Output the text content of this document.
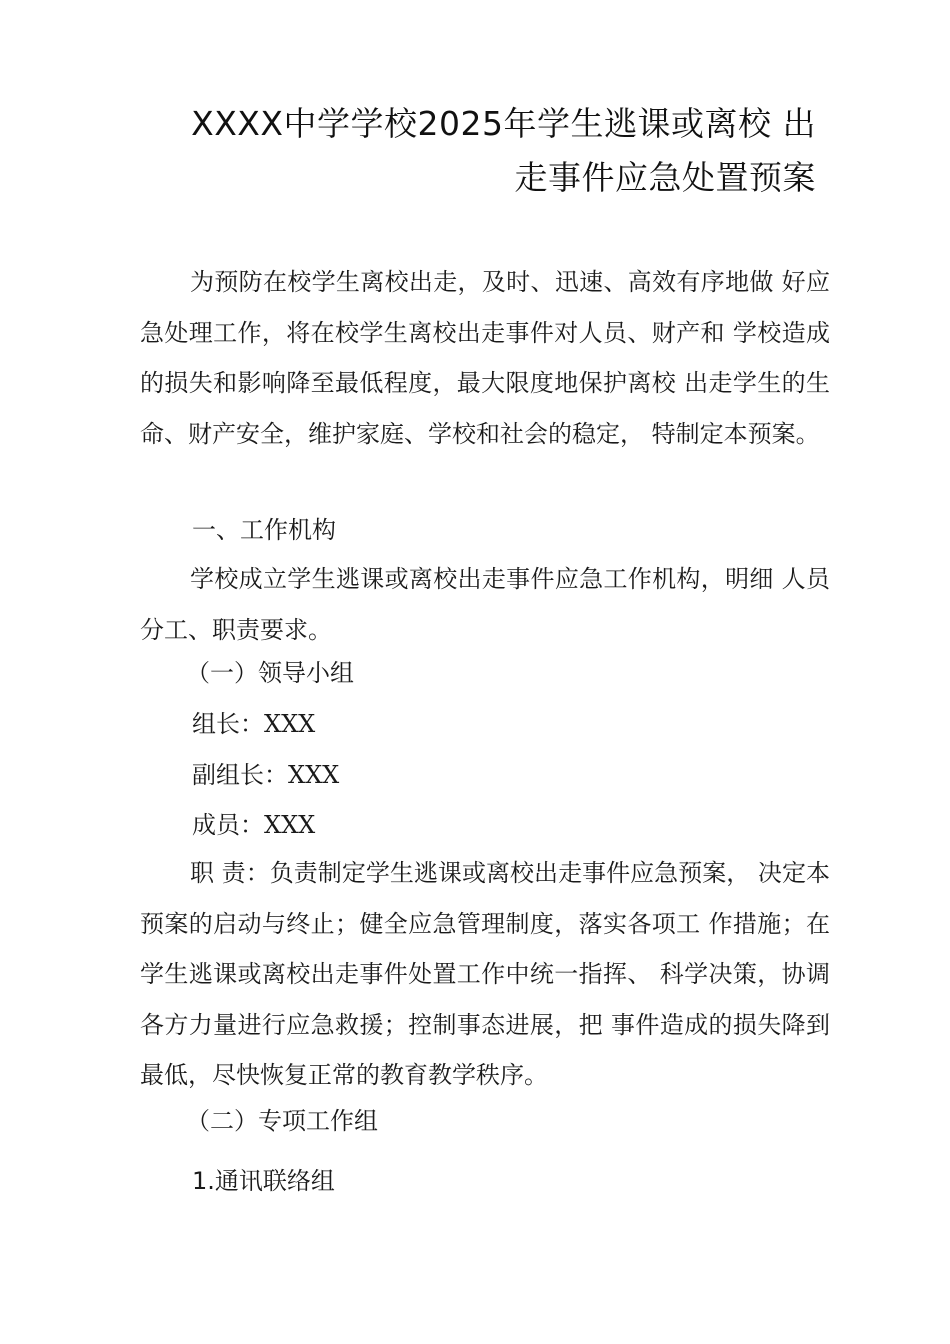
XXXX中学学校2025年学生逃课或离校 出
走事件应急处置预案

为预防在校学生离校出走，及时、迅速、高效有序地做 好应急处理工作，将在校学生离校出走事件对人员、财产和 学校造成的损失和影响降至最低程度，最大限度地保护离校 出走学生的生命、财产安全，维护家庭、学校和社会的稳定， 特制定本预案。

一、工作机构

学校成立学生逃课或离校出走事件应急工作机构，明细 人员分工、职责要求。

（一）领导小组

组长：XXX

副组长：XXX

成员：XXX

职 责：负责制定学生逃课或离校出走事件应急预案， 决定本预案的启动与终止；健全应急管理制度，落实各项工 作措施；在学生逃课或离校出走事件处置工作中统一指挥、 科学决策，协调各方力量进行应急救援；控制事态进展，把 事件造成的损失降到最低，尽快恢复正常的教育教学秩序。

（二）专项工作组

1.通讯联络组
